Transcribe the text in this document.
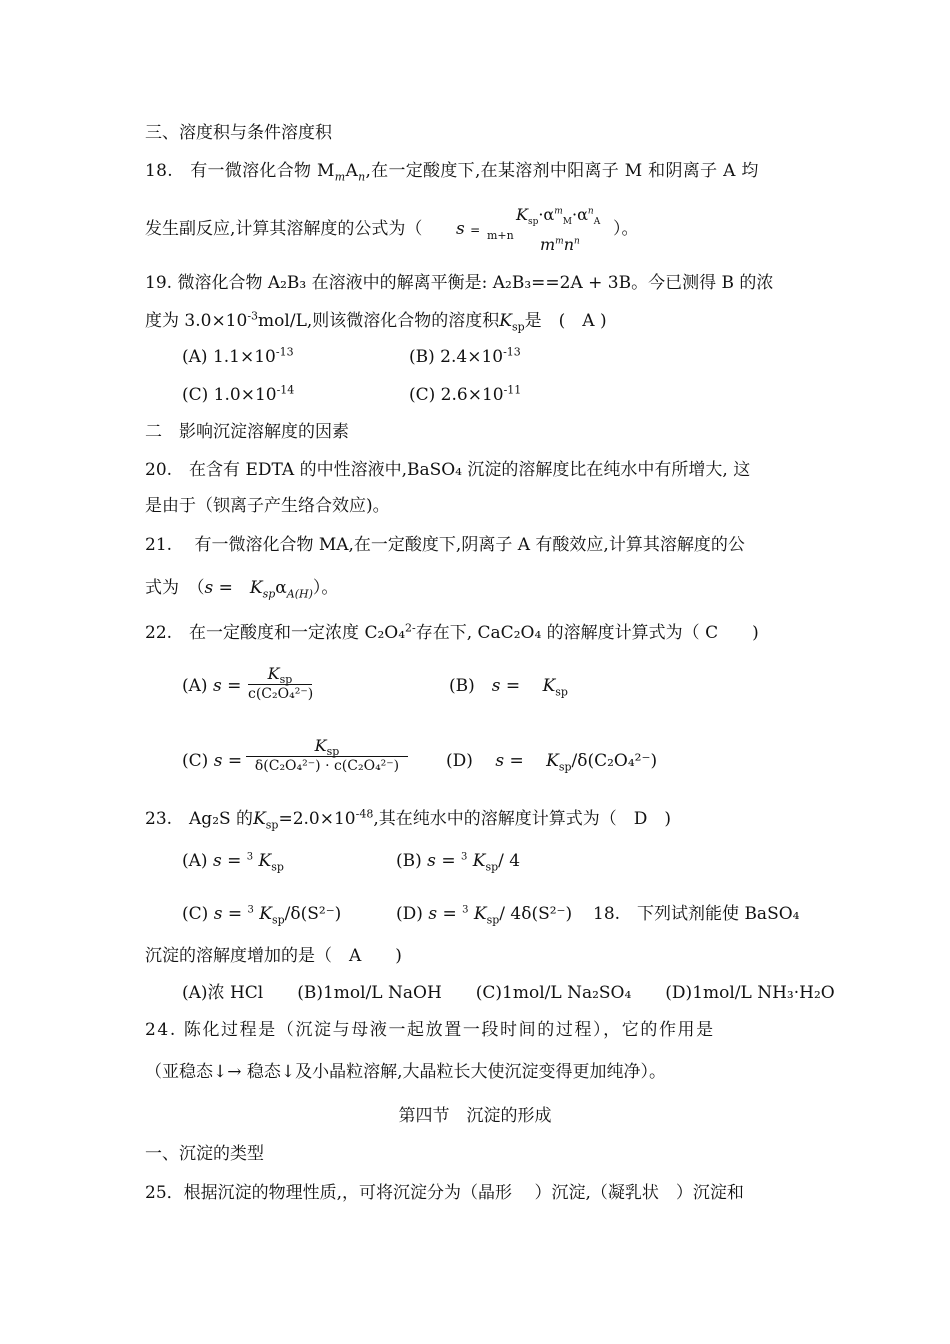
三、溶度积与条件溶度积
18.　有一微溶化合物 $M_mA_n$,在一定酸度下,在某溶剂中阳离子 M 和阴离子 A 均
发生副反应,计算其溶解度的公式为（ s = m+n
$K_{sp}\cdot\alpha^m_M\cdot\alpha^n_A$
$m^mn^n$
）。
19. 微溶化合物 A₂B₃ 在溶液中的解离平衡是: A₂B₃==2A + 3B。今已测得 B 的浓
度为 $3.0\times 10^{-3}mol/L$,则该微溶化合物的溶度积$K_{sp}$是　(　A )
(A) $1.1\times 10^{-13}$	(B) $2.4\times 10^{-13}$
(C) $1.0\times 10^{-14}$	(C) $2.6\times 10^{-11}$
二　影响沉淀溶解度的因素
20.　在含有 EDTA 的中性溶液中,BaSO₄ 沉淀的溶解度比在纯水中有所增大, 这
是由于（钡离子产生络合效应)。
21.　 有一微溶化合物 MA,在一定酸度下,阴离子 A 有酸效应,计算其溶解度的公
式为　（s =　 $K_{sp}\alpha_{A(H)}$）。
22.　在一定酸度和一定浓度 C₂O₄$^{2-}$存在下, CaC₂O₄ 的溶解度计算式为（ C　　)
(A) s =
$K_{sp}$
c(C₂O₄²⁻)	(B)　 s =　 $K_{sp}$
(C) s =
$K_{sp}$
δ(C₂O₄²⁻) · c(C₂O₄²⁻)	(D)　 s =　 $K_{sp}/\delta(C_2O_4^{2-})$
23.　Ag₂S 的$K_{sp}=2.0\times 10^{-48}$,其在纯水中的溶解度计算式为（　D　)
(A) s = $^3$ $K_{sp}$	(B) s = $^3$ $K_{sp}/$ 4
(C) s = $^3$ $K_{sp}/\delta(S^{2-})$	(D) s = $^3$ $K_{sp}/$ 4δ(S²⁻) 18.　下列试剂能使 BaSO₄
沉淀的溶解度增加的是（　A　　)
(A)浓 HCl　　(B)1mol/L NaOH　　(C)1mol/L Na₂SO₄　　(D)1mol/L NH₃·H₂O
24. 陈化过程是（沉淀与母液一起放置一段时间的过程），它的作用是
（亚稳态↓→ 稳态↓及小晶粒溶解,大晶粒长大使沉淀变得更加纯净）。
第四节　沉淀的形成
一、沉淀的类型
25．根据沉淀的物理性质,，可将沉淀分为（晶形　 ）沉淀,（凝乳状　）沉淀和
